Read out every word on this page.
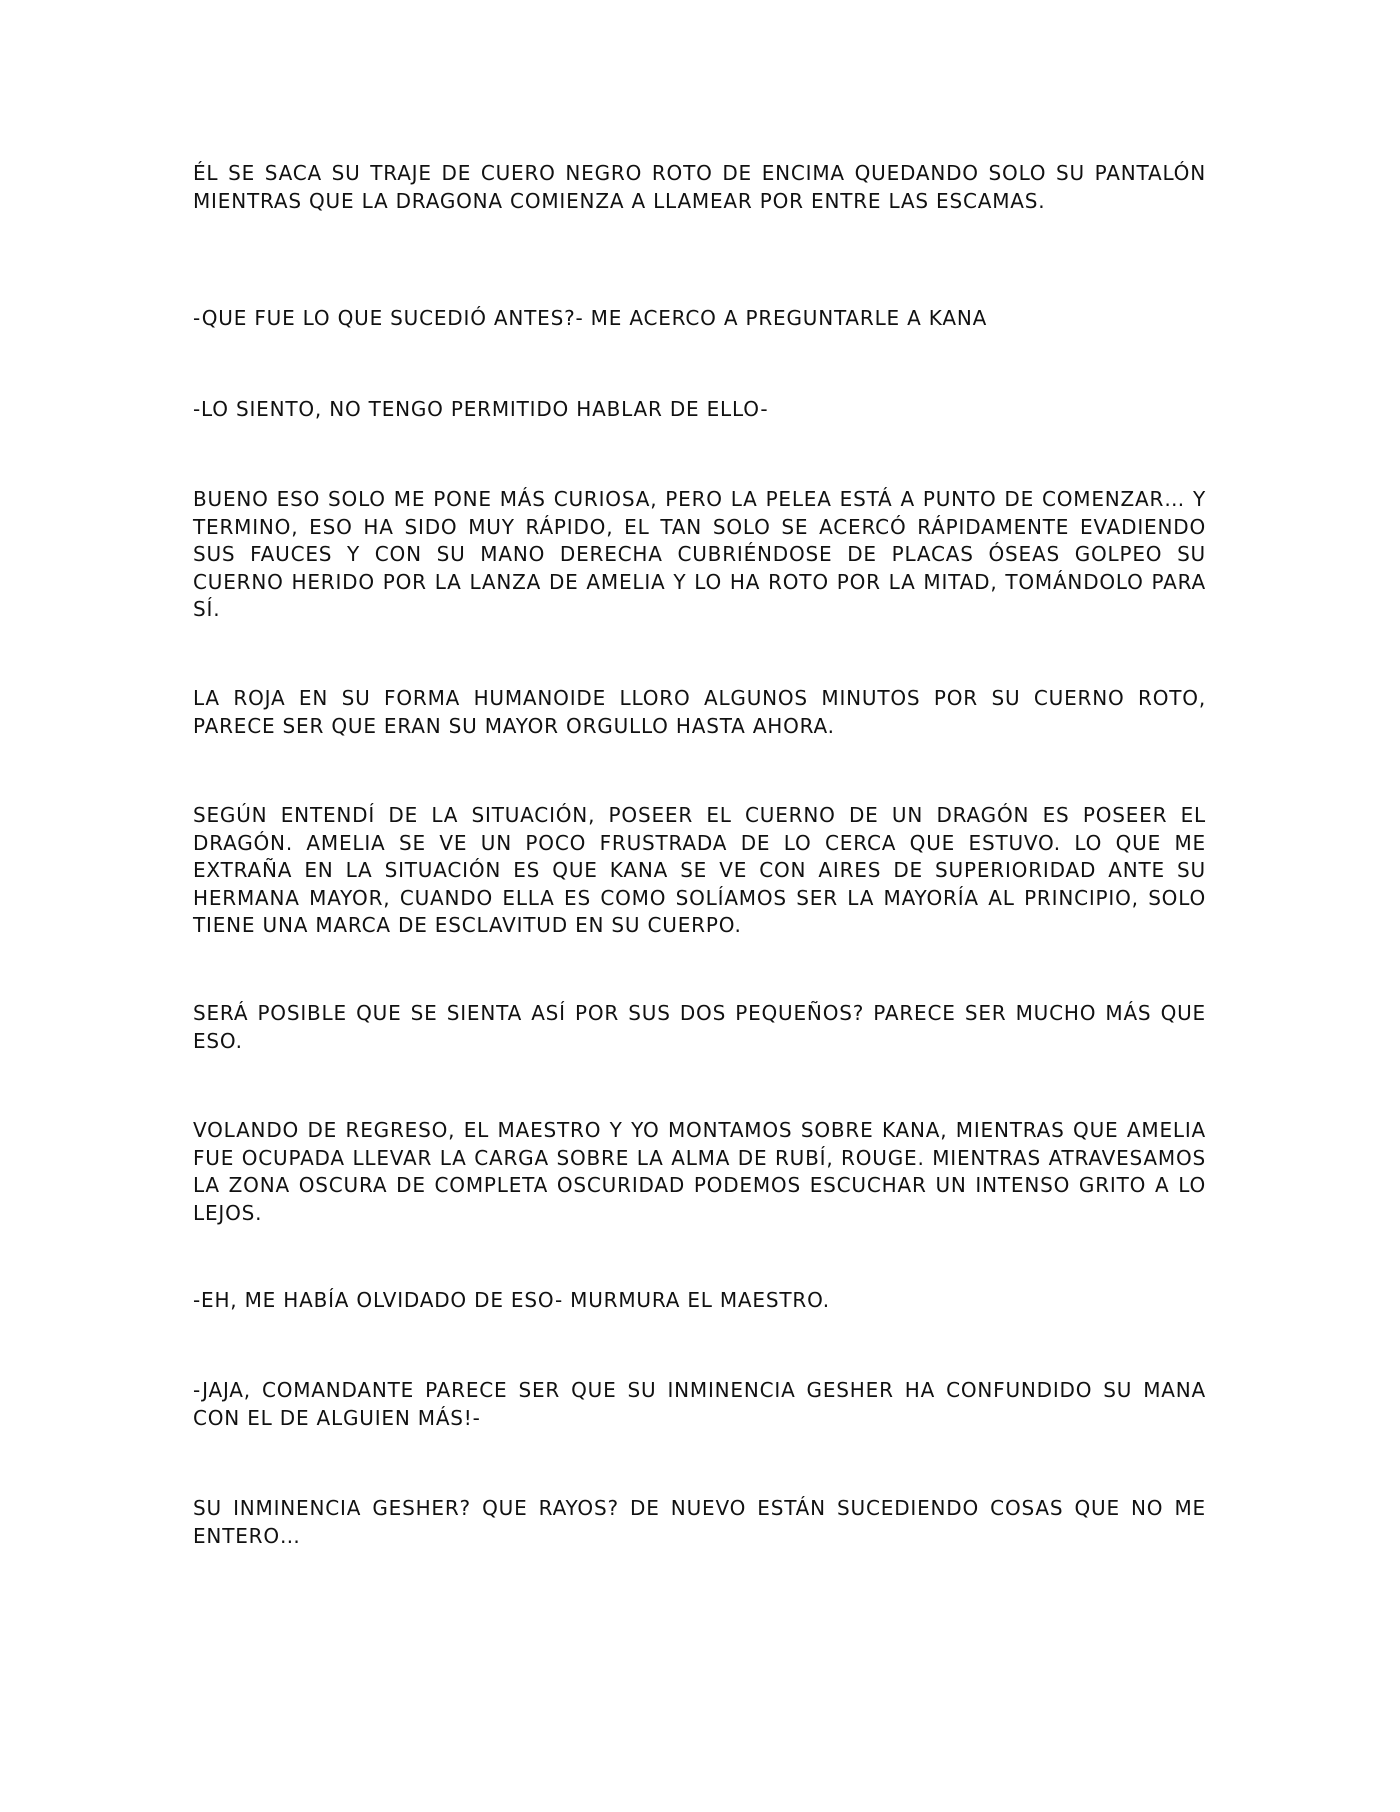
ÉL SE SACA SU TRAJE DE CUERO NEGRO ROTO DE ENCIMA QUEDANDO SOLO SU PANTALÓN MIENTRAS QUE LA DRAGONA COMIENZA A LLAMEAR POR ENTRE LAS ESCAMAS.

-QUE FUE LO QUE SUCEDIÓ ANTES?- ME ACERCO A PREGUNTARLE A KANA

-LO SIENTO, NO TENGO PERMITIDO HABLAR DE ELLO-

BUENO ESO SOLO ME PONE MÁS CURIOSA, PERO LA PELEA ESTÁ A PUNTO DE COMENZAR… Y TERMINO, ESO HA SIDO MUY RÁPIDO, EL TAN SOLO SE ACERCÓ RÁPIDAMENTE EVADIENDO SUS FAUCES Y CON SU MANO DERECHA CUBRIÉNDOSE DE PLACAS ÓSEAS GOLPEO SU CUERNO HERIDO POR LA LANZA DE AMELIA Y LO HA ROTO POR LA MITAD, TOMÁNDOLO PARA SÍ.

LA ROJA EN SU FORMA HUMANOIDE LLORO ALGUNOS MINUTOS POR SU CUERNO ROTO, PARECE SER QUE ERAN SU MAYOR ORGULLO HASTA AHORA.

SEGÚN ENTENDÍ DE LA SITUACIÓN, POSEER EL CUERNO DE UN DRAGÓN ES POSEER EL DRAGÓN. AMELIA SE VE UN POCO FRUSTRADA DE LO CERCA QUE ESTUVO. LO QUE ME EXTRAÑA EN LA SITUACIÓN ES QUE KANA SE VE CON AIRES DE SUPERIORIDAD ANTE SU HERMANA MAYOR, CUANDO ELLA ES COMO SOLÍAMOS SER LA MAYORÍA AL PRINCIPIO, SOLO TIENE UNA MARCA DE ESCLAVITUD EN SU CUERPO.

SERÁ POSIBLE QUE SE SIENTA ASÍ POR SUS DOS PEQUEÑOS? PARECE SER MUCHO MÁS QUE ESO.

VOLANDO DE REGRESO, EL MAESTRO Y YO MONTAMOS SOBRE KANA, MIENTRAS QUE AMELIA FUE OCUPADA LLEVAR LA CARGA SOBRE LA ALMA DE RUBÍ, ROUGE. MIENTRAS ATRAVESAMOS LA ZONA OSCURA DE COMPLETA OSCURIDAD PODEMOS ESCUCHAR UN INTENSO GRITO A LO LEJOS.

-EH, ME HABÍA OLVIDADO DE ESO- MURMURA EL MAESTRO.

-JAJA, COMANDANTE PARECE SER QUE SU INMINENCIA GESHER HA CONFUNDIDO SU MANA CON EL DE ALGUIEN MÁS!-

SU INMINENCIA GESHER? QUE RAYOS? DE NUEVO ESTÁN SUCEDIENDO COSAS QUE NO ME ENTERO…
